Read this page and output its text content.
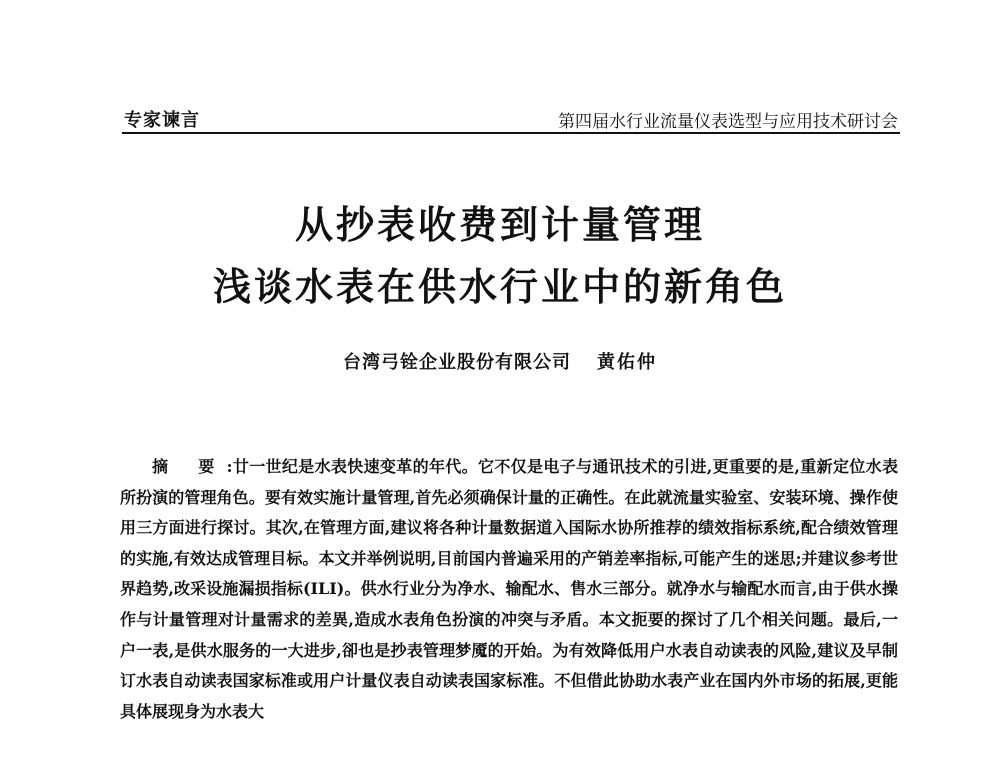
专家谏言	第四届水行业流量仪表选型与应用技术研讨会
从抄表收费到计量管理
浅谈水表在供水行业中的新角色
台湾弓铨企业股份有限公司 黄佑仲

摘 要:廿一世纪是水表快速变革的年代。它不仅是电子与通讯技术的引进,更重要的是,重新定位水表所扮演的管理角色。要有效实施计量管理,首先必须确保计量的正确性。在此就流量实验室、安装环境、操作使用三方面进行探讨。其次,在管理方面,建议将各种计量数据道入国际水协所推荐的绩效指标系统,配合绩效管理的实施,有效达成管理目标。本文并举例说明,目前国内普遍采用的产销差率指标,可能产生的迷思;并建议参考世界趋势,改采设施漏损指标(ILI)。供水行业分为净水、输配水、售水三部分。就净水与输配水而言,由于供水操作与计量管理对计量需求的差異,造成水表角色扮演的冲突与矛盾。本文扼要的探讨了几个相关问题。最后,一户一表,是供水服务的一大进步,卻也是抄表管理梦魇的开始。为有效降低用户水表自动读表的风险,建议及早制订水表自动读表国家标准或用户计量仪表自动读表国家标准。不但借此协助水表产业在国内外市场的拓展,更能具体展现身为水表大
